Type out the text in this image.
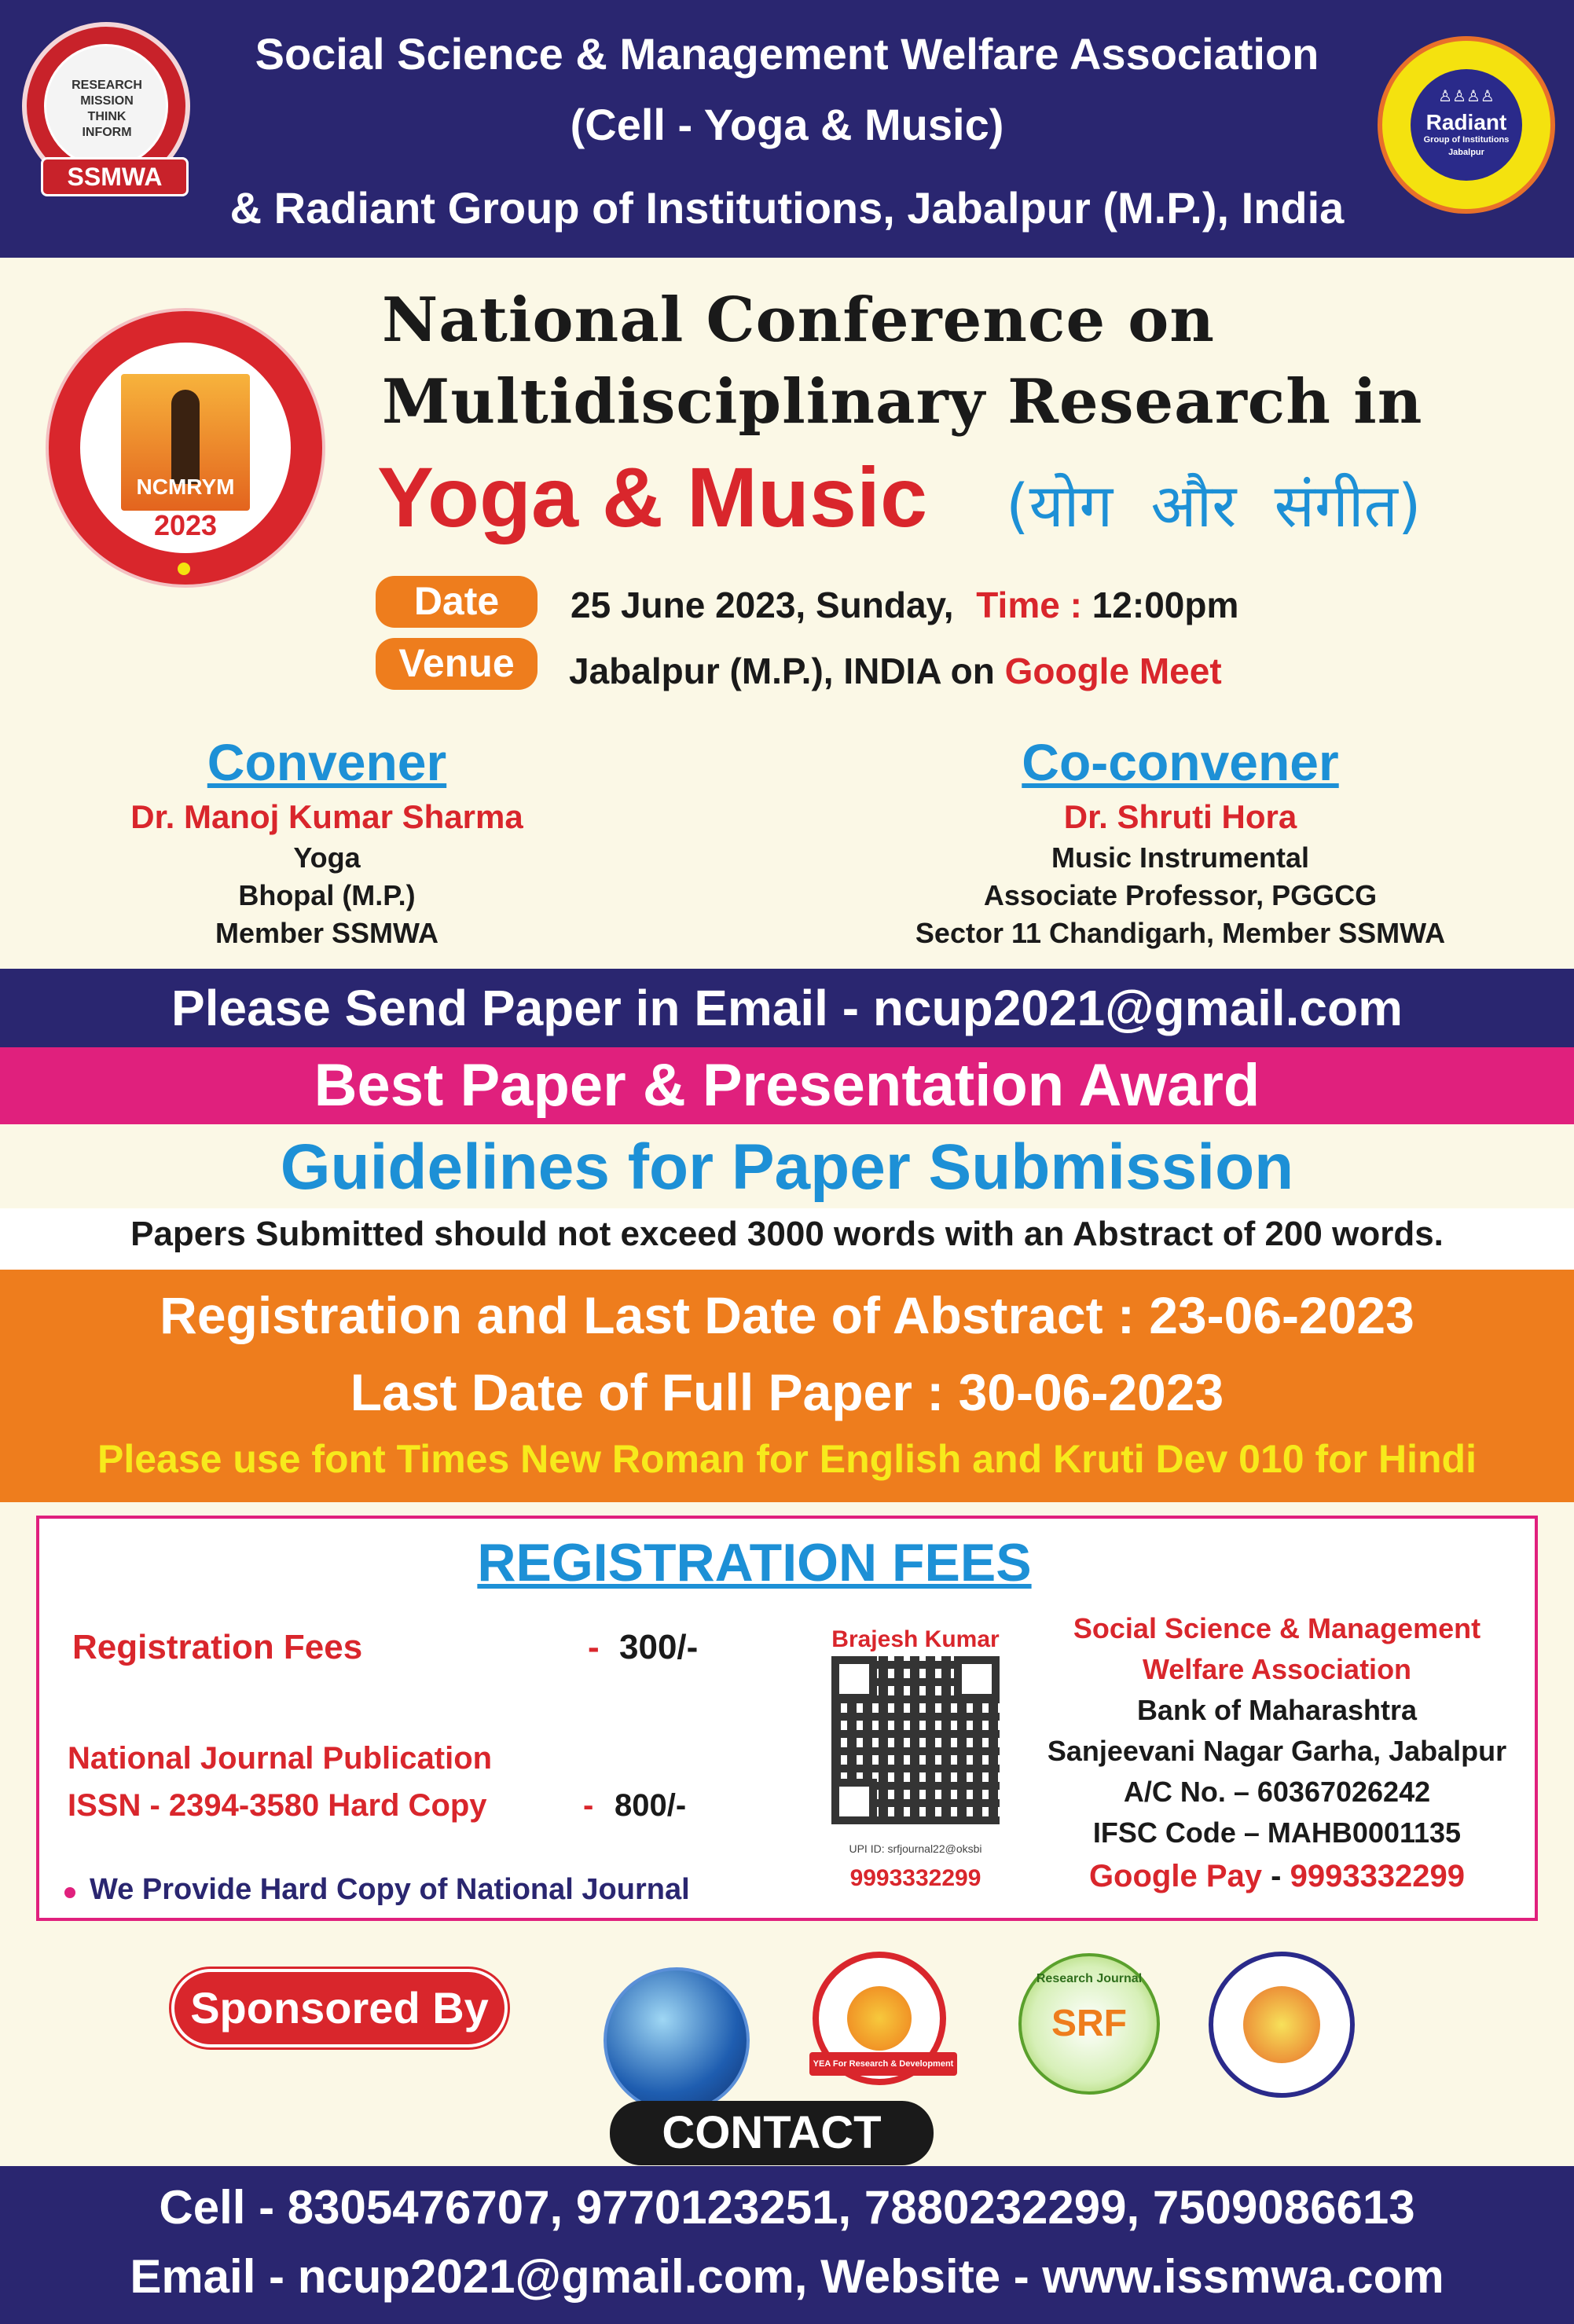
RESEARCH
MISSION
THINK
INFORM
SSMWA
♙♙♙♙
Radiant
Group of Institutions
Jabalpur
Social Science & Management Welfare Association
(Cell - Yoga & Music)
& Radiant Group of Institutions, Jabalpur (M.P.), India
NCMRYM
2023
National Conference on
Multidisciplinary Research in
Yoga & Music (योग  और  संगीत)
Date	25 June 2023, Sunday, Time : 12:00pm
Venue	Jabalpur (M.P.), INDIA on Google Meet
Convener
Dr. Manoj Kumar Sharma
Yoga
Bhopal (M.P.)
Member SSMWA
Co-convener
Dr. Shruti Hora
Music Instrumental
Associate Professor, PGGCG
Sector 11 Chandigarh, Member SSMWA
Please Send Paper in Email - ncup2021@gmail.com
Best Paper & Presentation Award
Guidelines for Paper Submission
Papers Submitted should not exceed 3000 words with an Abstract of 200 words.
Registration and Last Date of Abstract : 23-06-2023
Last Date of Full Paper : 30-06-2023
Please use font Times New Roman for English and Kruti Dev 010 for Hindi
REGISTRATION FEES
Registration Fees	- 300/-
National Journal Publication
ISSN - 2394-3580 Hard Copy	- 800/-
We Provide Hard Copy of National Journal
Brajesh Kumar
UPI ID: srfjournal22@oksbi
9993332299
Social Science & Management
Welfare Association
Bank of Maharashtra
Sanjeevani Nagar Garha, Jabalpur
A/C No. – 60367026242
IFSC Code – MAHB0001135
Google Pay - 9993332299
Sponsored By
YEA For Research & Development
Research Journal
SRF
CONTACT
Cell - 8305476707, 9770123251, 7880232299, 7509086613
Email - ncup2021@gmail.com, Website - www.issmwa.com
